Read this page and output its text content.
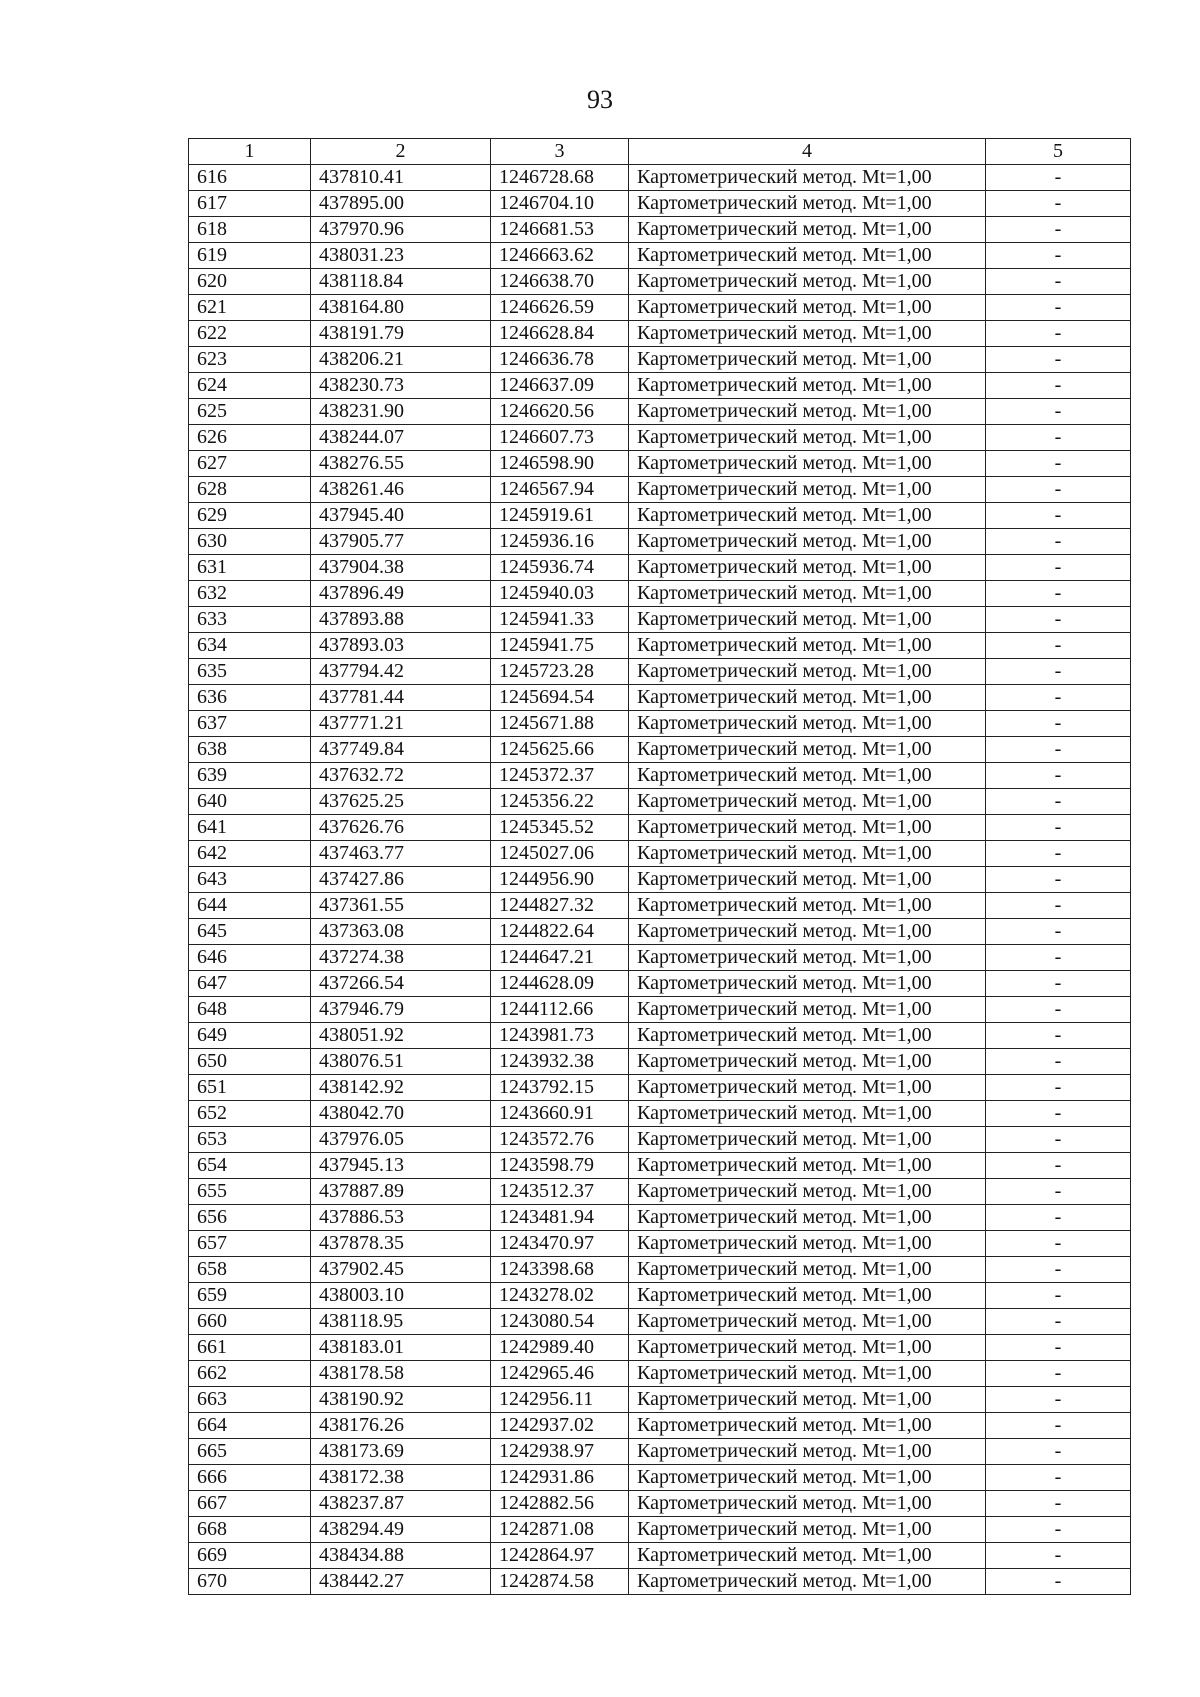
93
1	2	3	4	5
616	437810.41	1246728.68	Картометрический метод. Mt=1,00	-
617	437895.00	1246704.10	Картометрический метод. Mt=1,00	-
618	437970.96	1246681.53	Картометрический метод. Mt=1,00	-
619	438031.23	1246663.62	Картометрический метод. Mt=1,00	-
620	438118.84	1246638.70	Картометрический метод. Mt=1,00	-
621	438164.80	1246626.59	Картометрический метод. Mt=1,00	-
622	438191.79	1246628.84	Картометрический метод. Mt=1,00	-
623	438206.21	1246636.78	Картометрический метод. Mt=1,00	-
624	438230.73	1246637.09	Картометрический метод. Mt=1,00	-
625	438231.90	1246620.56	Картометрический метод. Mt=1,00	-
626	438244.07	1246607.73	Картометрический метод. Mt=1,00	-
627	438276.55	1246598.90	Картометрический метод. Mt=1,00	-
628	438261.46	1246567.94	Картометрический метод. Mt=1,00	-
629	437945.40	1245919.61	Картометрический метод. Mt=1,00	-
630	437905.77	1245936.16	Картометрический метод. Mt=1,00	-
631	437904.38	1245936.74	Картометрический метод. Mt=1,00	-
632	437896.49	1245940.03	Картометрический метод. Mt=1,00	-
633	437893.88	1245941.33	Картометрический метод. Mt=1,00	-
634	437893.03	1245941.75	Картометрический метод. Mt=1,00	-
635	437794.42	1245723.28	Картометрический метод. Mt=1,00	-
636	437781.44	1245694.54	Картометрический метод. Mt=1,00	-
637	437771.21	1245671.88	Картометрический метод. Mt=1,00	-
638	437749.84	1245625.66	Картометрический метод. Mt=1,00	-
639	437632.72	1245372.37	Картометрический метод. Mt=1,00	-
640	437625.25	1245356.22	Картометрический метод. Mt=1,00	-
641	437626.76	1245345.52	Картометрический метод. Mt=1,00	-
642	437463.77	1245027.06	Картометрический метод. Mt=1,00	-
643	437427.86	1244956.90	Картометрический метод. Mt=1,00	-
644	437361.55	1244827.32	Картометрический метод. Mt=1,00	-
645	437363.08	1244822.64	Картометрический метод. Mt=1,00	-
646	437274.38	1244647.21	Картометрический метод. Mt=1,00	-
647	437266.54	1244628.09	Картометрический метод. Mt=1,00	-
648	437946.79	1244112.66	Картометрический метод. Mt=1,00	-
649	438051.92	1243981.73	Картометрический метод. Mt=1,00	-
650	438076.51	1243932.38	Картометрический метод. Mt=1,00	-
651	438142.92	1243792.15	Картометрический метод. Mt=1,00	-
652	438042.70	1243660.91	Картометрический метод. Mt=1,00	-
653	437976.05	1243572.76	Картометрический метод. Mt=1,00	-
654	437945.13	1243598.79	Картометрический метод. Mt=1,00	-
655	437887.89	1243512.37	Картометрический метод. Mt=1,00	-
656	437886.53	1243481.94	Картометрический метод. Mt=1,00	-
657	437878.35	1243470.97	Картометрический метод. Mt=1,00	-
658	437902.45	1243398.68	Картометрический метод. Mt=1,00	-
659	438003.10	1243278.02	Картометрический метод. Mt=1,00	-
660	438118.95	1243080.54	Картометрический метод. Mt=1,00	-
661	438183.01	1242989.40	Картометрический метод. Mt=1,00	-
662	438178.58	1242965.46	Картометрический метод. Mt=1,00	-
663	438190.92	1242956.11	Картометрический метод. Mt=1,00	-
664	438176.26	1242937.02	Картометрический метод. Mt=1,00	-
665	438173.69	1242938.97	Картометрический метод. Mt=1,00	-
666	438172.38	1242931.86	Картометрический метод. Mt=1,00	-
667	438237.87	1242882.56	Картометрический метод. Mt=1,00	-
668	438294.49	1242871.08	Картометрический метод. Mt=1,00	-
669	438434.88	1242864.97	Картометрический метод. Mt=1,00	-
670	438442.27	1242874.58	Картометрический метод. Mt=1,00	-
